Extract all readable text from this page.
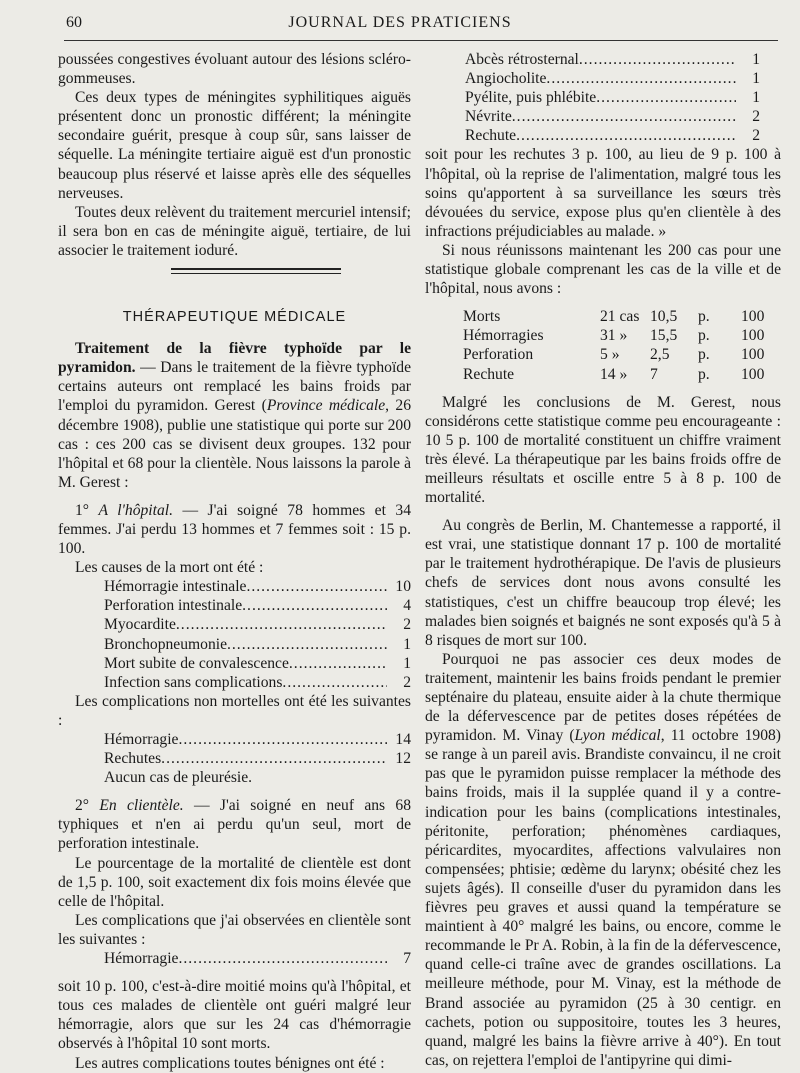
60	JOURNAL DES PRATICIENS

poussées congestives évoluant autour des lésions scléro-gommeuses.

Ces deux types de méningites syphilitiques aiguës présentent donc un pronostic différent; la méningite secondaire guérit, presque à coup sûr, sans laisser de séquelle. La méningite tertiaire aiguë est d'un pronostic beaucoup plus réservé et laisse après elle des séquelles nerveuses.

Toutes deux relèvent du traitement mercuriel intensif; il sera bon en cas de méningite aiguë, tertiaire, de lui associer le traitement ioduré.

THÉRAPEUTIQUE MÉDICALE

Traitement de la fièvre typhoïde par le pyramidon. — Dans le traitement de la fièvre typhoïde certains auteurs ont remplacé les bains froids par l'emploi du pyramidon. Gerest (Province médicale, 26 décembre 1908), publie une statistique qui porte sur 200 cas : ces 200 cas se divisent deux groupes. 132 pour l'hôpital et 68 pour la clientèle. Nous laissons la parole à M. Gerest :

1° A l'hôpital. — J'ai soigné 78 hommes et 34 femmes. J'ai perdu 13 hommes et 7 femmes soit : 15 p. 100.

Les causes de la mort ont été :

Hémorragie intestinale .....	10
Perforation intestinale .....	4
Myocardite .....	2
Bronchopneumonie .....	1
Mort subite de convalescence .....	1
Infection sans complications .....	2

Les complications non mortelles ont été les suivantes :

Hémorragie .....	14
Rechutes .....	12
Aucun cas de pleurésie.

2° En clientèle. — J'ai soigné en neuf ans 68 typhiques et n'en ai perdu qu'un seul, mort de perforation intestinale.

Le pourcentage de la mortalité de clientèle est dont de 1,5 p. 100, soit exactement dix fois moins élevée que celle de l'hôpital.

Les complications que j'ai observées en clientèle sont les suivantes :

Hémorragie .....	7

soit 10 p. 100, c'est-à-dire moitié moins qu'à l'hôpital, et tous ces malades de clientèle ont guéri malgré leur hémorragie, alors que sur les 24 cas d'hémorragie observés à l'hôpital 10 sont morts.

Les autres complications toutes bénignes ont été :

Abcès rétrosternal .....	1
Angiocholite .....	1
Pyélite, puis phlébite .....	1
Névrite .....	2
Rechute .....	2

soit pour les rechutes 3 p. 100, au lieu de 9 p. 100 à l'hôpital, où la reprise de l'alimentation, malgré tous les soins qu'apportent à sa surveillance les sœurs très dévouées du service, expose plus qu'en clientèle à des infractions préjudiciables au malade. »

Si nous réunissons maintenant les 200 cas pour une statistique globale comprenant les cas de la ville et de l'hôpital, nous avons :

Morts	21 cas 10,5	p.	100
Hémorragies	31 »	15,5	p.	100
Perforation	5 »	2,5	p.	100
Rechute	14 »	7	p.	100

Malgré les conclusions de M. Gerest, nous considérons cette statistique comme peu encourageante : 10 5 p. 100 de mortalité constituent un chiffre vraiment très élevé. La thérapeutique par les bains froids offre de meilleurs résultats et oscille entre 5 à 8 p. 100 de mortalité.

Au congrès de Berlin, M. Chantemesse a rapporté, il est vrai, une statistique donnant 17 p. 100 de mortalité par le traitement hydrothérapique. De l'avis de plusieurs chefs de services dont nous avons consulté les statistiques, c'est un chiffre beaucoup trop élevé; les malades bien soignés et baignés ne sont exposés qu'à 5 à 8 risques de mort sur 100.

Pourquoi ne pas associer ces deux modes de traitement, maintenir les bains froids pendant le premier septénaire du plateau, ensuite aider à la chute thermique de la défervescence par de petites doses répétées de pyramidon. M. Vinay (Lyon médical, 11 octobre 1908) se range à un pareil avis. Brandiste convaincu, il ne croit pas que le pyramidon puisse remplacer la méthode des bains froids, mais il la supplée quand il y a contre-indication pour les bains (complications intestinales, péritonite, perforation; phénomènes cardiaques, péricardites, myocardites, affections valvulaires non compensées; phtisie; œdème du larynx; obésité chez les sujets âgés). Il conseille d'user du pyramidon dans les fièvres peu graves et aussi quand la température se maintient à 40° malgré les bains, ou encore, comme le recommande le Pr A. Robin, à la fin de la défervescence, quand celle-ci traîne avec de grandes oscillations. La meilleure méthode, pour M. Vinay, est la méthode de Brand associée au pyramidon (25 à 30 centigr. en cachets, potion ou suppositoire, toutes les 3 heures, quand, malgré les bains la fièvre arrive à 40°). En tout cas, on rejettera l'emploi de l'antipyrine qui dimi-
